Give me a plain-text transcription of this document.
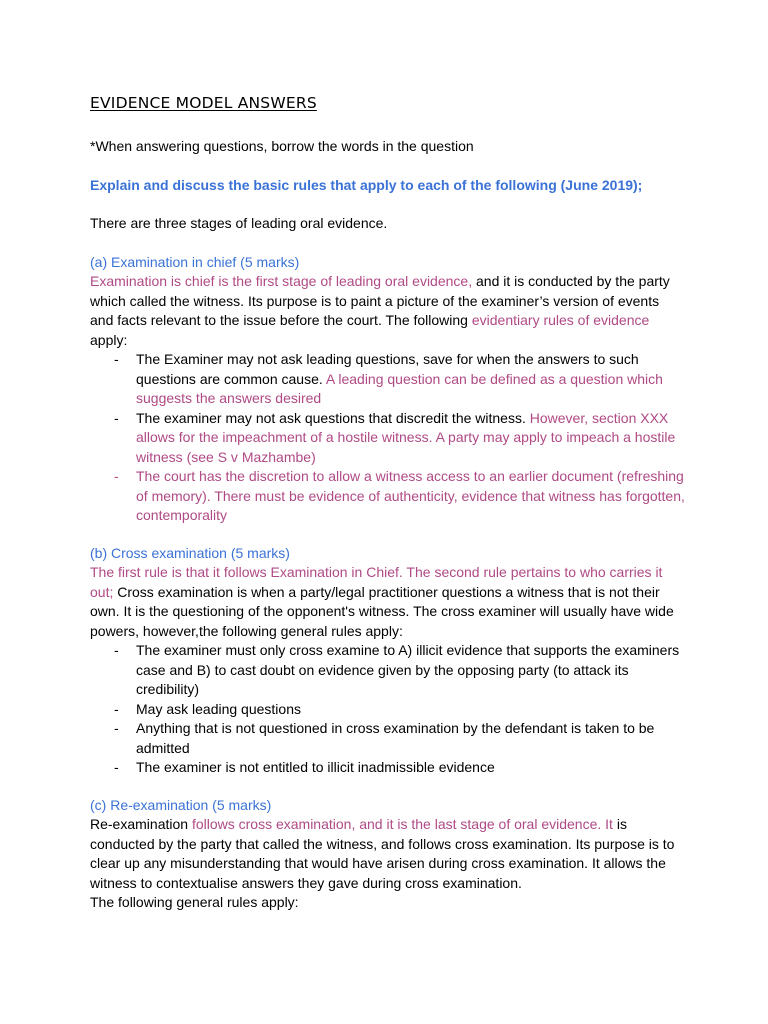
EVIDENCE MODEL ANSWERS

*When answering questions, borrow the words in the question

Explain and discuss the basic rules that apply to each of the following (June 2019);

There are three stages of leading oral evidence.

(a) Examination in chief (5 marks)

Examination is chief is the first stage of leading oral evidence, and it is conducted by the party which called the witness. Its purpose is to paint a picture of the examiner’s version of events and facts relevant to the issue before the court. The following evidentiary rules of evidence apply:

- The Examiner may not ask leading questions, save for when the answers to such questions are common cause. A leading question can be defined as a question which suggests the answers desired
- The examiner may not ask questions that discredit the witness. However, section XXX allows for the impeachment of a hostile witness. A party may apply to impeach a hostile witness (see S v Mazhambe)
- The court has the discretion to allow a witness access to an earlier document (refreshing of memory). There must be evidence of authenticity, evidence that witness has forgotten, contemporality

(b) Cross examination (5 marks)

The first rule is that it follows Examination in Chief. The second rule pertains to who carries it out; Cross examination is when a party/legal practitioner questions a witness that is not their own. It is the questioning of the opponent's witness. The cross examiner will usually have wide powers, however,the following general rules apply:

- The examiner must only cross examine to A) illicit evidence that supports the examiners case and B) to cast doubt on evidence given by the opposing party (to attack its credibility)
- May ask leading questions
- Anything that is not questioned in cross examination by the defendant is taken to be admitted
- The examiner is not entitled to illicit inadmissible evidence

(c) Re-examination (5 marks)

Re-examination follows cross examination, and it is the last stage of oral evidence. It is conducted by the party that called the witness, and follows cross examination. Its purpose is to clear up any misunderstanding that would have arisen during cross examination. It allows the witness to contextualise answers they gave during cross examination.

The following general rules apply:
